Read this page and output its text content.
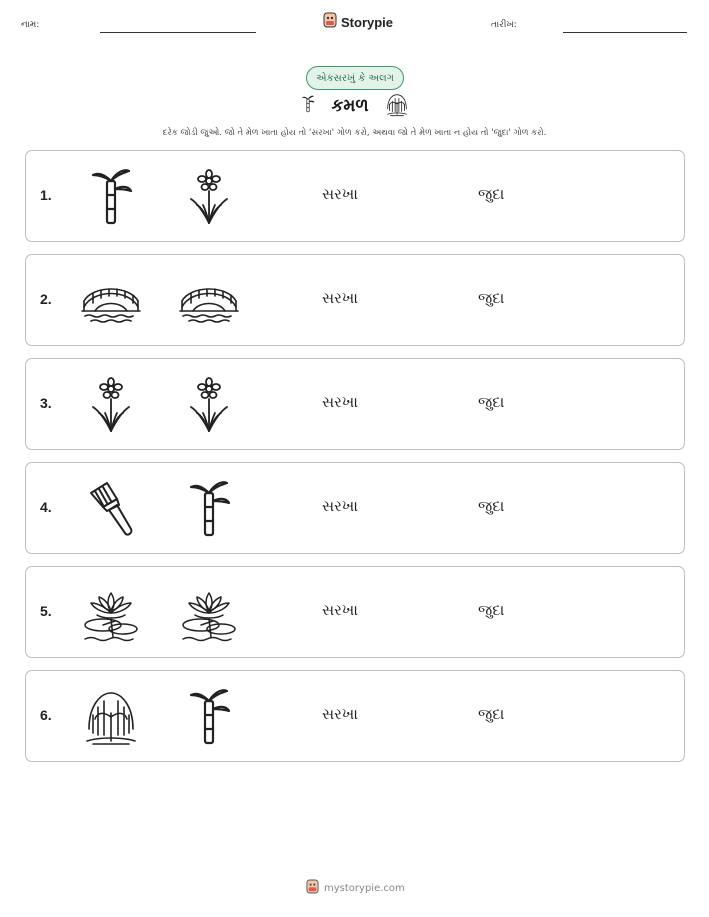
નામ:	Storypie	તારીખ:
એકસરખું કે અલગ
કમળ
દરેક જોડી જુઓ. જો તે મેળ ખાતા હોય તો 'સરખા' ગોળ કરો, અથવા જો તે મેળ ખાતા ન હોય તો 'જુદા' ગોળ કરો.
1.	સરખા	જુદા
2.	સરખા	જુદા
3.	સરખા	જુદા
4.	સરખા	જુદા
5.	સરખા	જુદા
6.	સરખા	જુદા
mystorypie.com
